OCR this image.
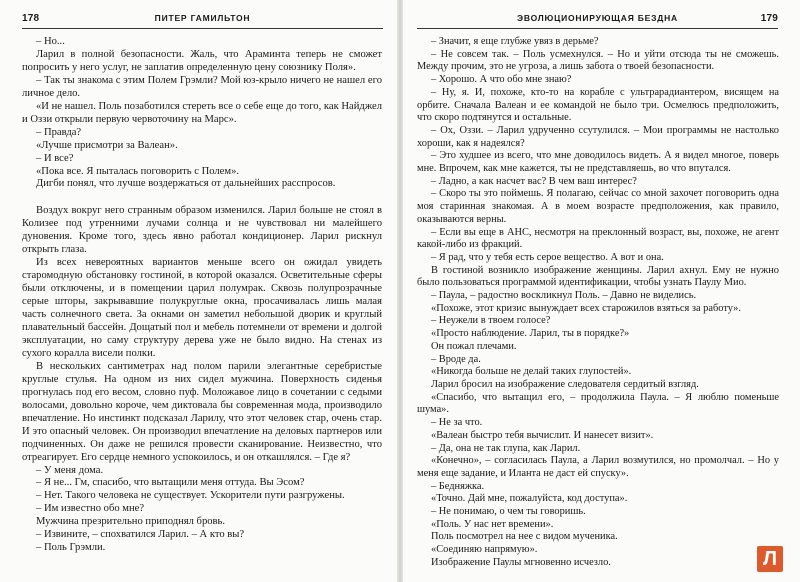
178	ПИТЕР ГАМИЛЬТОН

– Но...

Ларил в полной безопасности. Жаль, что Араминта теперь не сможет попросить у него услуг, не заплатив определенную цену союзнику Поля».

– Так ты знакома с этим Полем Грэмли? Мой юз-крыло ничего не нашел его личное дело.

«И не нашел. Поль позаботился стереть все о себе еще до того, как Найджел и Оззи открыли первую червоточину на Марс».

– Правда?

«Лучше присмотри за Валеан».

– И все?

«Пока все. Я пыталась поговорить с Полем».

Дигби понял, что лучше воздержаться от дальнейших расспросов.

Воздух вокруг него странным образом изменился. Ларил больше не стоял в Колизее под утренними лучами солнца и не чувствовал ни малейшего дуновения. Кроме того, здесь явно работал кондиционер. Ларил рискнул открыть глаза.

Из всех невероятных вариантов меньше всего он ожидал увидеть старомодную обстановку гостиной, в которой оказался. Осветительные сферы были отключены, и в помещении царил полумрак. Сквозь полупрозрачные серые шторы, закрывавшие полукруглые окна, просачивалась лишь малая часть солнечного света. За окнами он заметил небольшой дворик и круглый плавательный бассейн. Дощатый пол и мебель потемнели от времени и долгой эксплуатации, но саму структуру дерева уже не было видно. На стенах из сухого коралла висели полки.

В нескольких сантиметрах над полом парили элегантные серебристые круглые стулья. На одном из них сидел мужчина. Поверхность сиденья прогнулась под его весом, словно пуф. Моложавое лицо в сочетании с седыми волосами, довольно короче, чем диктовала бы современная мода, производило впечатление. Но инстинкт подсказал Ларилу, что этот человек стар, очень стар. И это опасный человек. Он производил впечатление на деловых партнеров или подчиненных. Он даже не решился провести сканирование. Неизвестно, что отреагирует. Его сердце немного успокоилось, и он откашлялся. – Где я?

– У меня дома.

– Я не... Гм, спасибо, что вытащили меня оттуда. Вы Эсом?

– Нет. Такого человека не существует. Ускорители пути разгружены.

– Им известно обо мне?

Мужчина презрительно приподнял бровь.

– Извините, – спохватился Ларил. – А кто вы?

– Поль Грэмли.

ЭВОЛЮЦИОНИРУЮЩАЯ БЕЗДНА	179

– Значит, я еще глубже увяз в дерьме?

– Не совсем так. – Поль усмехнулся. – Но и уйти отсюда ты не сможешь. Между прочим, это не угроза, а лишь забота о твоей безопасности.

– Хорошо. А что обо мне знаю?

– Ну, я. И, похоже, кто-то на корабле с ультрарадиантером, висящем на орбите. Сначала Валеан и ее командой не было три. Осмелюсь предположить, что скоро подтянутся и остальные.

– Ох, Оззи. – Ларил удрученно ссутулился. – Мои программы не настолько хороши, как я надеялся?

– Это худшее из всего, что мне доводилось видеть. А я видел многое, поверь мне. Впрочем, как мне кажется, ты не представляешь, во что впутался.

– Ладно, а как насчет вас? В чем ваш интерес?

– Скоро ты это поймешь. Я полагаю, сейчас со мной захочет поговорить одна моя старинная знакомая. А в моем возрасте предположения, как правило, оказываются верны.

– Если вы еще в АНС, несмотря на преклонный возраст, вы, похоже, не агент какой-либо из фракций.

– Я рад, что у тебя есть серое вещество. А вот и она.

В гостиной возникло изображение женщины. Ларил ахнул. Ему не нужно было пользоваться программой идентификации, чтобы узнать Паулу Мио.

– Паула, – радостно воскликнул Поль. – Давно не виделись.

«Похоже, этот кризис вынуждает всех старожилов взяться за работу».

– Неужели в твоем голосе?

«Просто наблюдение. Ларил, ты в порядке?»

Он пожал плечами.

– Вроде да.

«Никогда больше не делай таких глупостей».

Ларил бросил на изображение следователя сердитый взгляд.

«Спасибо, что вытащил его, – продолжила Паула. – Я люблю поменьше шума».

– Не за что.

«Валеан быстро тебя вычислит. И нанесет визит».

– Да, она не так глупа, как Ларил.

«Конечно», – согласилась Паула, а Ларил возмутился, но промолчал. – Но у меня еще задание, и Иланта не даст ей спуску».

– Бедняжка.

«Точно. Дай мне, пожалуйста, код доступа».

– Не понимаю, о чем ты говоришь.

«Поль. У нас нет времени».

Поль посмотрел на нее с видом мученика.

«Соединяю напрямую».

Изображение Паулы мгновенно исчезло.	Л
